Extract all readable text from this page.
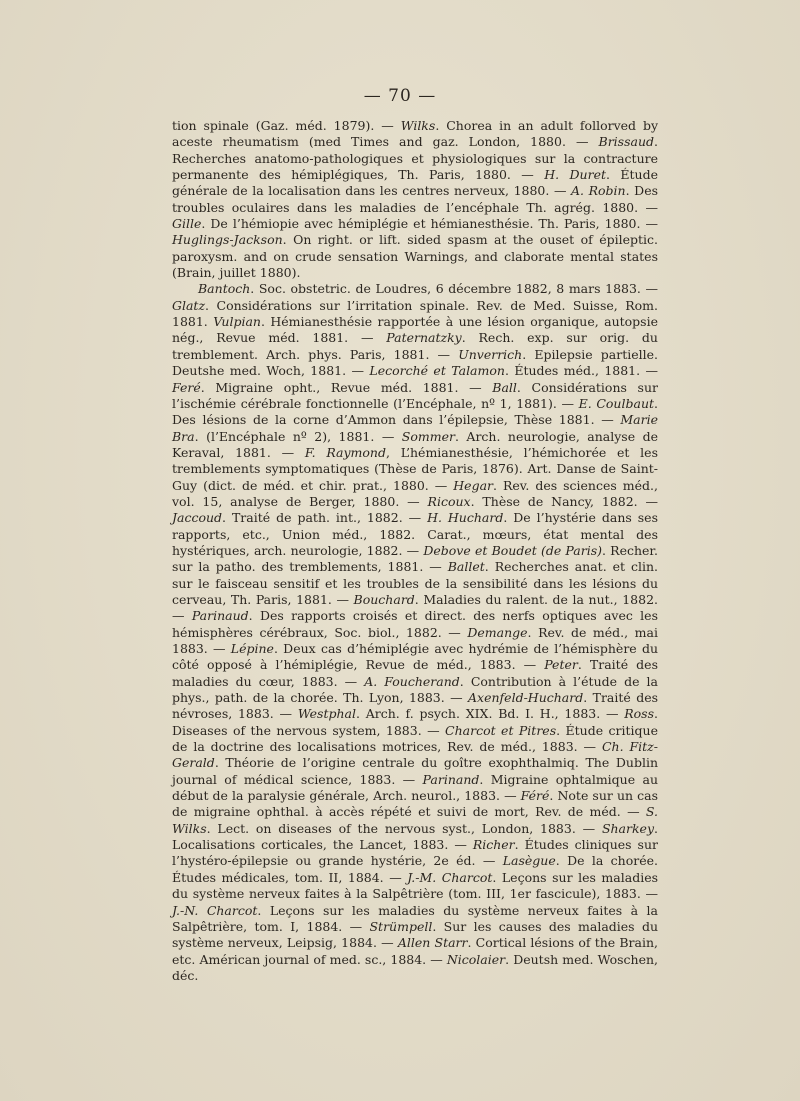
— 70 —

tion spinale (Gaz. méd. 1879). — Wilks. Chorea in an adult follorved by aceste rheumatism (med Times and gaz. London, 1880. — Brissaud. Recherches anatomo-pathologiques et physiologiques sur la contracture permanente des hémiplégiques, Th. Paris, 1880. — H. Duret. Étude générale de la localisation dans les centres nerveux, 1880. — A. Robin. Des troubles oculaires dans les maladies de l’encéphale Th. agrég. 1880. — Gille. De l’hémiopie avec hémiplégie et hémianesthésie. Th. Paris, 1880. — Huglings-Jackson. On right. or lift. sided spasm at the ouset of épileptic. paroxysm. and on crude sensation Warnings, and claborate mental states (Brain, juillet 1880).

Bantoch. Soc. obstetric. de Loudres, 6 décembre 1882, 8 mars 1883. — Glatz. Considérations sur l’irritation spinale. Rev. de Med. Suisse, Rom. 1881. Vulpian. Hémianesthésie rapportée à une lésion organique, autopsie nég., Revue méd. 1881. — Paternatzky. Rech. exp. sur orig. du tremblement. Arch. phys. Paris, 1881. — Unverrich. Epilepsie partielle. Deutshe med. Woch, 1881. — Lecorché et Talamon. Études méd., 1881. — Feré. Migraine opht., Revue méd. 1881. — Ball. Considérations sur l’ischémie cérébrale fonctionnelle (l’Encéphale, nº 1, 1881). — E. Coulbaut. Des lésions de la corne d’Ammon dans l’épilepsie, Thèse 1881. — Marie Bra. (l’Encéphale nº 2), 1881. — Sommer. Arch. neurologie, analyse de Keraval, 1881. — F. Raymond, L’hémianesthésie, l’hémichorée et les tremblements symptomatiques (Thèse de Paris, 1876). Art. Danse de Saint-Guy (dict. de méd. et chir. prat., 1880. — Hegar. Rev. des sciences méd., vol. 15, analyse de Berger, 1880. — Ricoux. Thèse de Nancy, 1882. — Jaccoud. Traité de path. int., 1882. — H. Huchard. De l’hystérie dans ses rapports, etc., Union méd., 1882. Carat., mœurs, état mental des hystériques, arch. neurologie, 1882. — Debove et Boudet (de Paris). Recher. sur la patho. des tremblements, 1881. — Ballet. Recherches anat. et clin. sur le faisceau sensitif et les troubles de la sensibilité dans les lésions du cerveau, Th. Paris, 1881. — Bouchard. Maladies du ralent. de la nut., 1882. — Parinaud. Des rapports croisés et direct. des nerfs optiques avec les hémisphères cérébraux, Soc. biol., 1882. — Demange. Rev. de méd., mai 1883. — Lépine. Deux cas d’hémiplégie avec hydrémie de l’hémisphère du côté opposé à l’hémiplégie, Revue de méd., 1883. — Peter. Traité des maladies du cœur, 1883. — A. Foucherand. Contribution à l’étude de la phys., path. de la chorée. Th. Lyon, 1883. — Axenfeld-Huchard. Traité des névroses, 1883. — Westphal. Arch. f. psych. XIX. Bd. I. H., 1883. — Ross. Diseases of the nervous system, 1883. — Charcot et Pitres. Étude critique de la doctrine des localisations motrices, Rev. de méd., 1883. — Ch. Fitz-Gerald. Théorie de l’origine centrale du goître exophthalmiq. The Dublin journal of médical science, 1883. — Parinand. Migraine ophtalmique au début de la paralysie générale, Arch. neurol., 1883. — Féré. Note sur un cas de migraine ophthal. à accès répété et suivi de mort, Rev. de méd. — S. Wilks. Lect. on diseases of the nervous syst., London, 1883. — Sharkey. Localisations corticales, the Lancet, 1883. — Richer. Études cliniques sur l’hystéro-épilepsie ou grande hystérie, 2e éd. — Lasègue. De la chorée. Études médicales, tom. II, 1884. — J.-M. Charcot. Leçons sur les maladies du système nerveux faites à la Salpêtrière (tom. III, 1er fascicule), 1883. — J.-N. Charcot. Leçons sur les maladies du système nerveux faites à la Salpêtrière, tom. I, 1884. — Strümpell. Sur les causes des maladies du système nerveux, Leipsig, 1884. — Allen Starr. Cortical lésions of the Brain, etc. Américan journal of med. sc., 1884. — Nicolaier. Deutsh med. Woschen, déc.
